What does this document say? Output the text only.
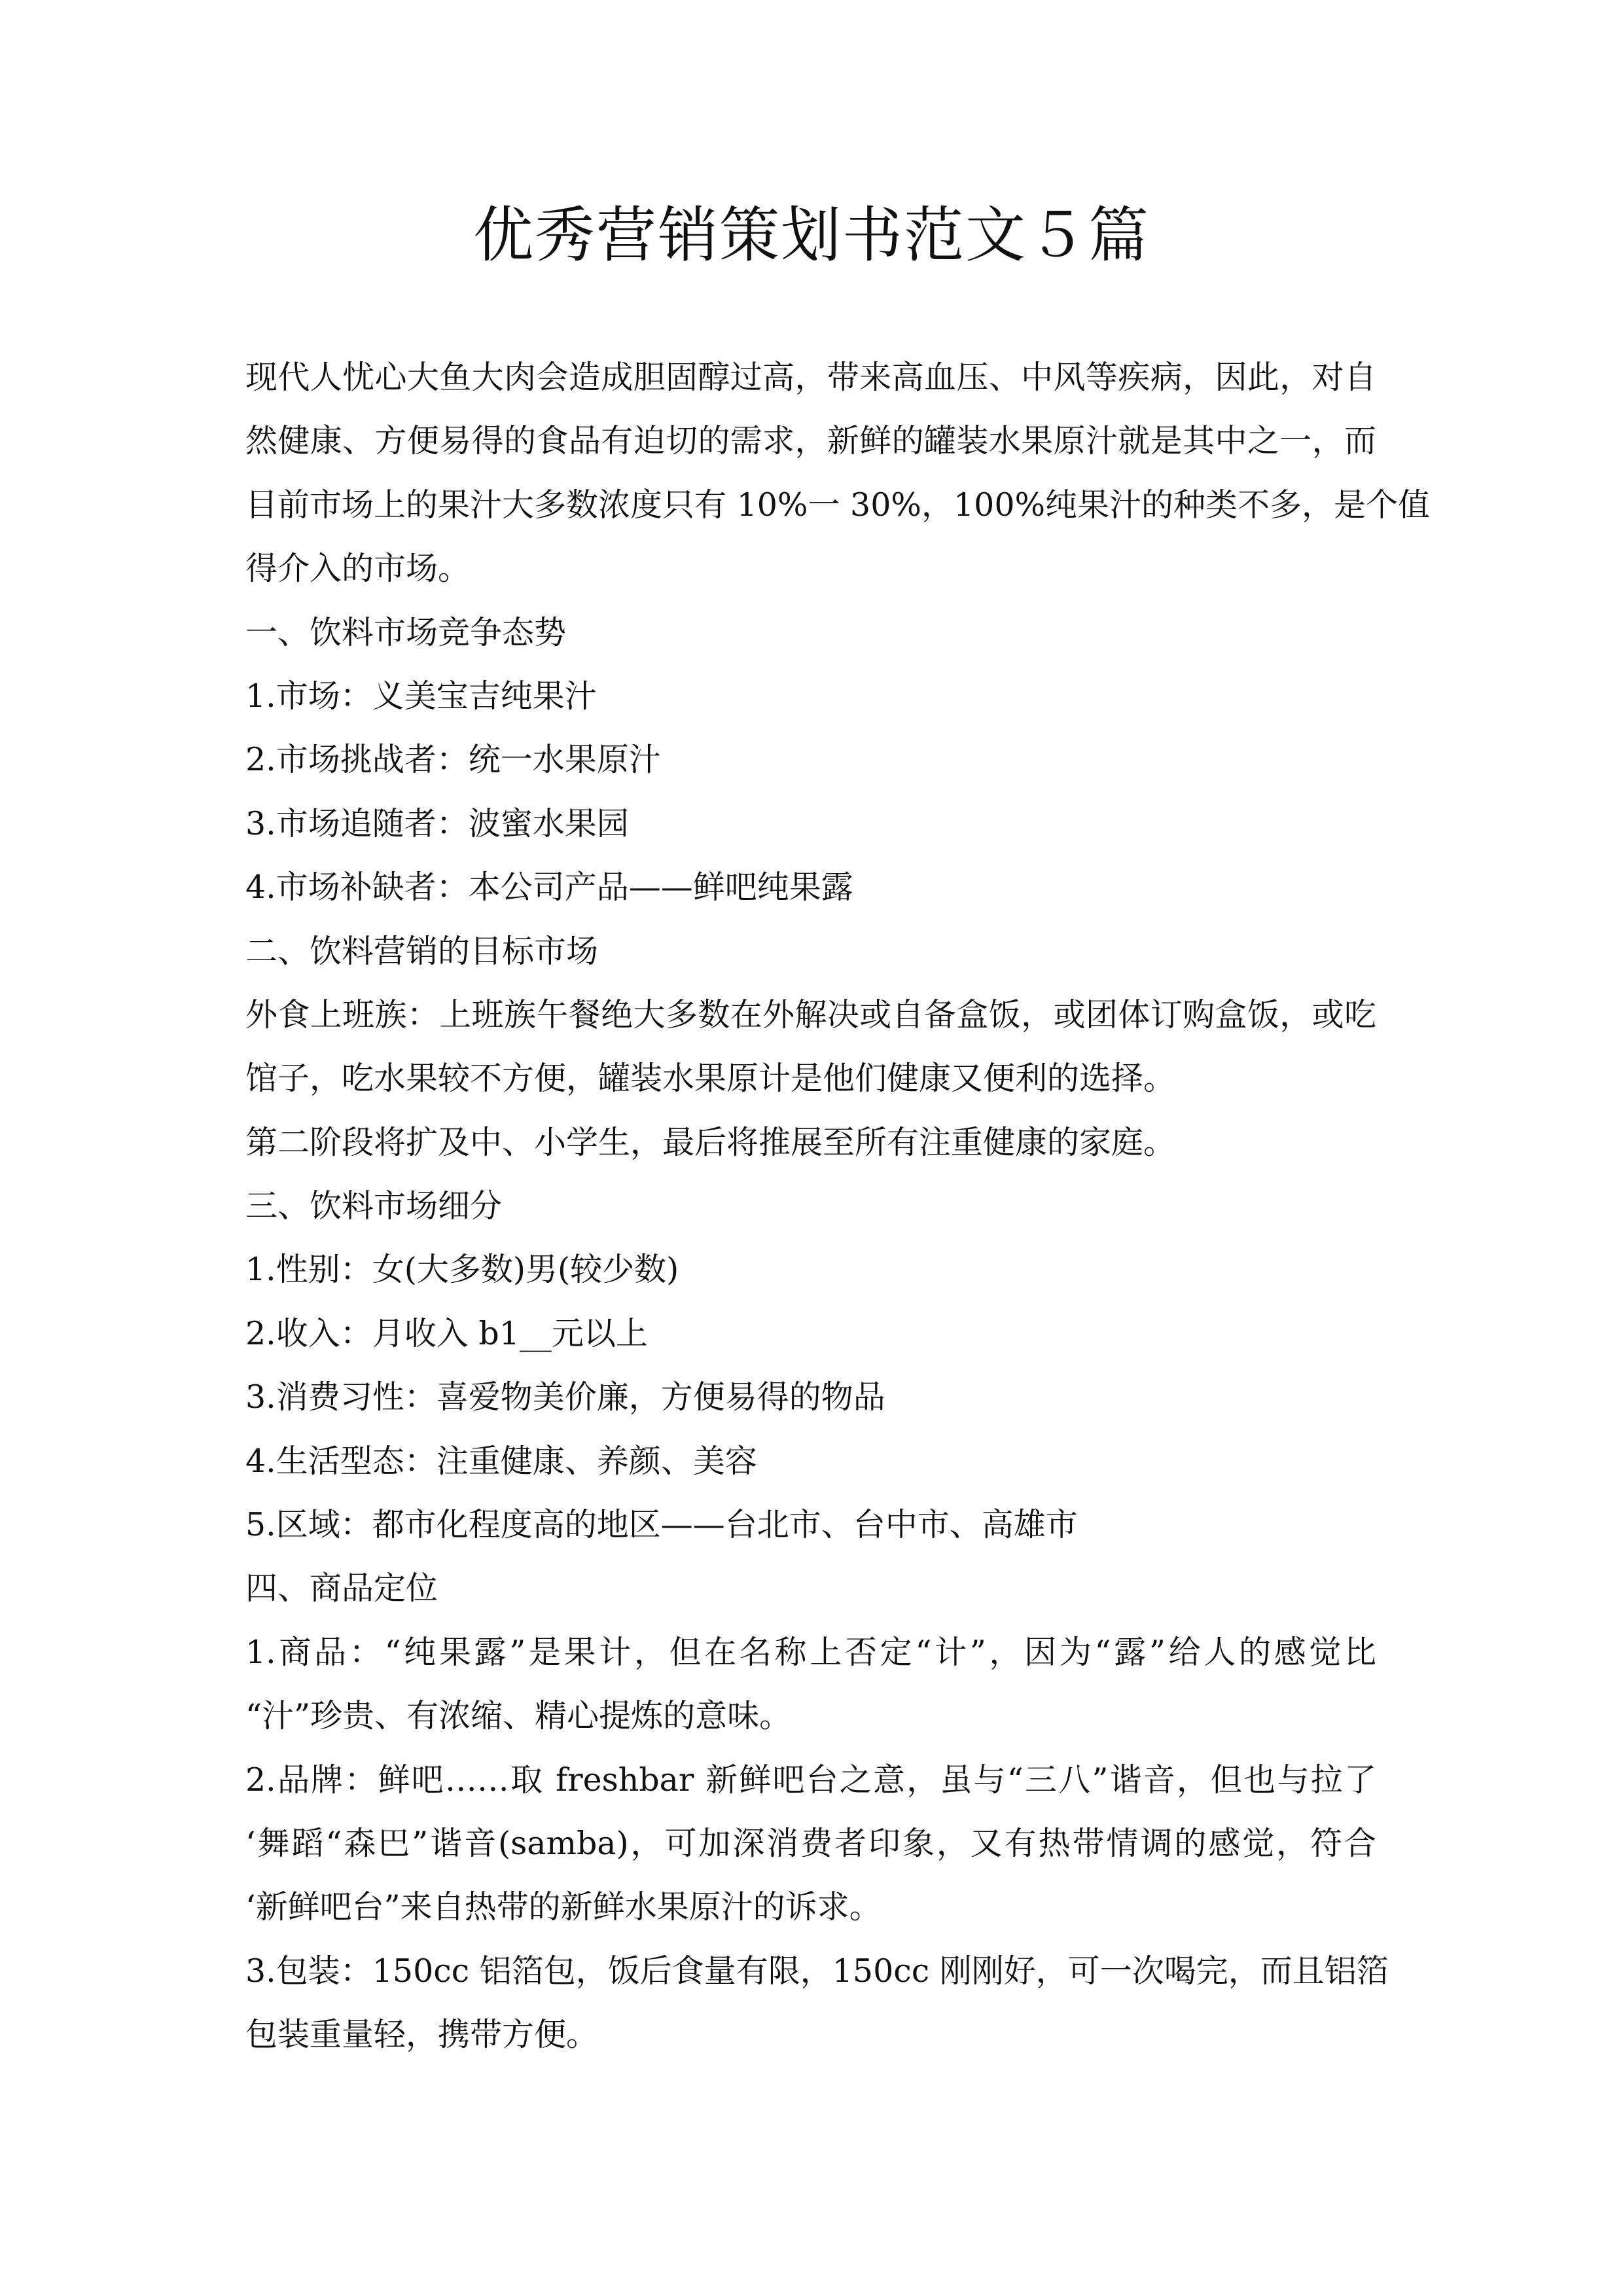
优秀营销策划书范文５篇
现代人忧心大鱼大肉会造成胆固醇过高，带来高血压、中风等疾病，因此，对自
然健康、方便易得的食品有迫切的需求，新鲜的罐装水果原汁就是其中之一，而
目前市场上的果汁大多数浓度只有 10%一 30%，100%纯果汁的种类不多，是个值
得介入的市场。
一、饮料市场竞争态势
1.市场：义美宝吉纯果汁
2.市场挑战者：统一水果原汁
3.市场追随者：波蜜水果园
4.市场补缺者：本公司产品——鲜吧纯果露
二、饮料营销的目标市场
外食上班族：上班族午餐绝大多数在外解决或自备盒饭，或团体订购盒饭，或吃
馆子，吃水果较不方便，罐装水果原计是他们健康又便利的选择。
第二阶段将扩及中、小学生，最后将推展至所有注重健康的家庭。
三、饮料市场细分
1.性别：女(大多数)男(较少数)
2.收入：月收入 b1__元以上
3.消费习性：喜爱物美价廉，方便易得的物品
4.生活型态：注重健康、养颜、美容
5.区域：都市化程度高的地区——台北市、台中市、高雄市
四、商品定位
1.商品：“纯果露”是果计，但在名称上否定“计”，因为“露”给人的感觉比
“汁”珍贵、有浓缩、精心提炼的意味。
2.品牌：鲜吧……取 freshbar 新鲜吧台之意，虽与“三八”谐音，但也与拉了
‘舞蹈“森巴”谐音(samba)，可加深消费者印象，又有热带情调的感觉，符合
‘新鲜吧台”来自热带的新鲜水果原汁的诉求。
3.包装：150cc 铝箔包，饭后食量有限，150cc 刚刚好，可一次喝完，而且铝箔
包装重量轻，携带方便。
